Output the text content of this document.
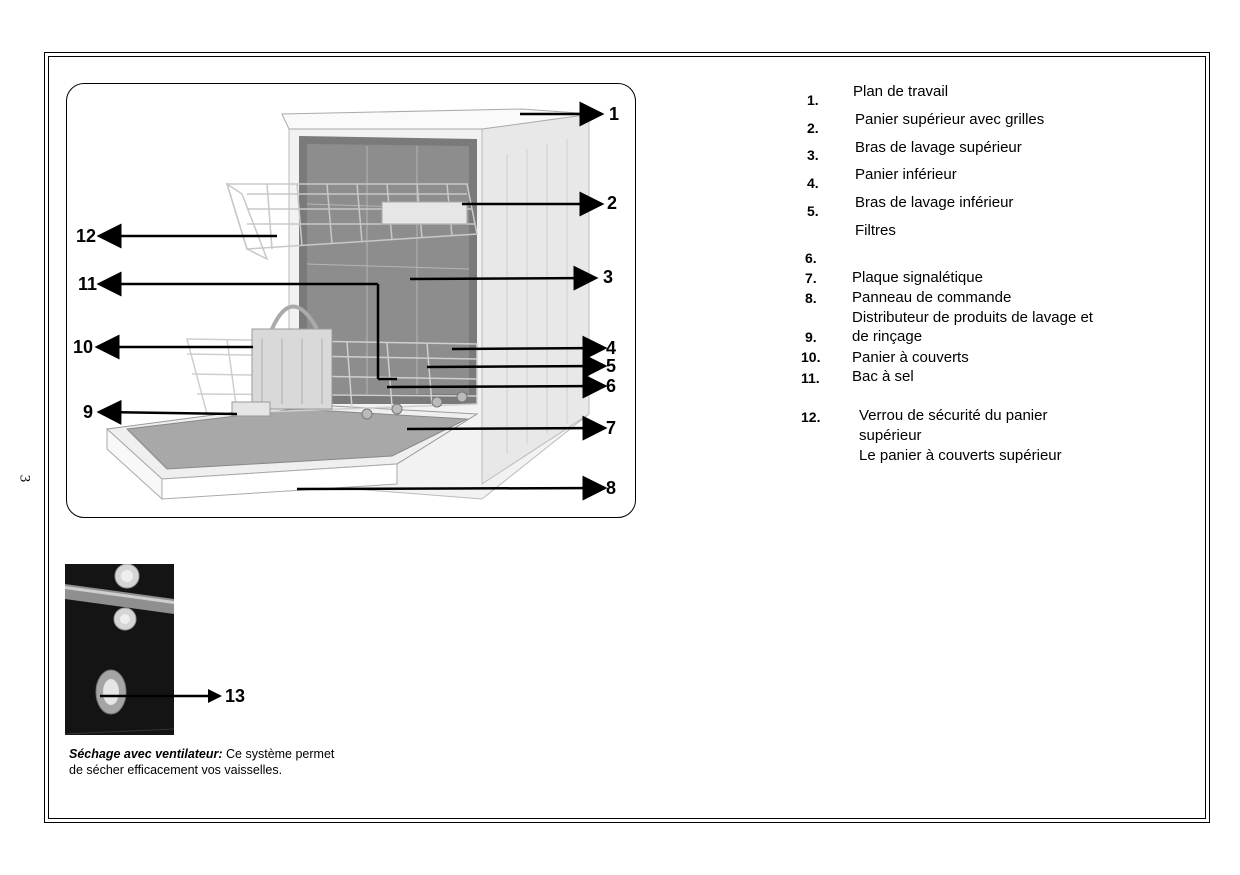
3
1
2
3
4
5
6
7
8
12
11
10
9
1.
2.
3.
4.
5.
6.
7.
8.
9.
10.
11.
12.
Plan de travail
Panier supérieur avec grilles
Bras de lavage supérieur
Panier inférieur
Bras de lavage inférieur
Filtres
Plaque signalétique
Panneau de commande
Distributeur de produits de lavage et
de rinçage
Panier à couverts
Bac à sel
Verrou de sécurité du panier
supérieur
Le panier à couverts supérieur
13
Séchage avec ventilateur: Ce système permet de sécher efficacement vos vaisselles.
